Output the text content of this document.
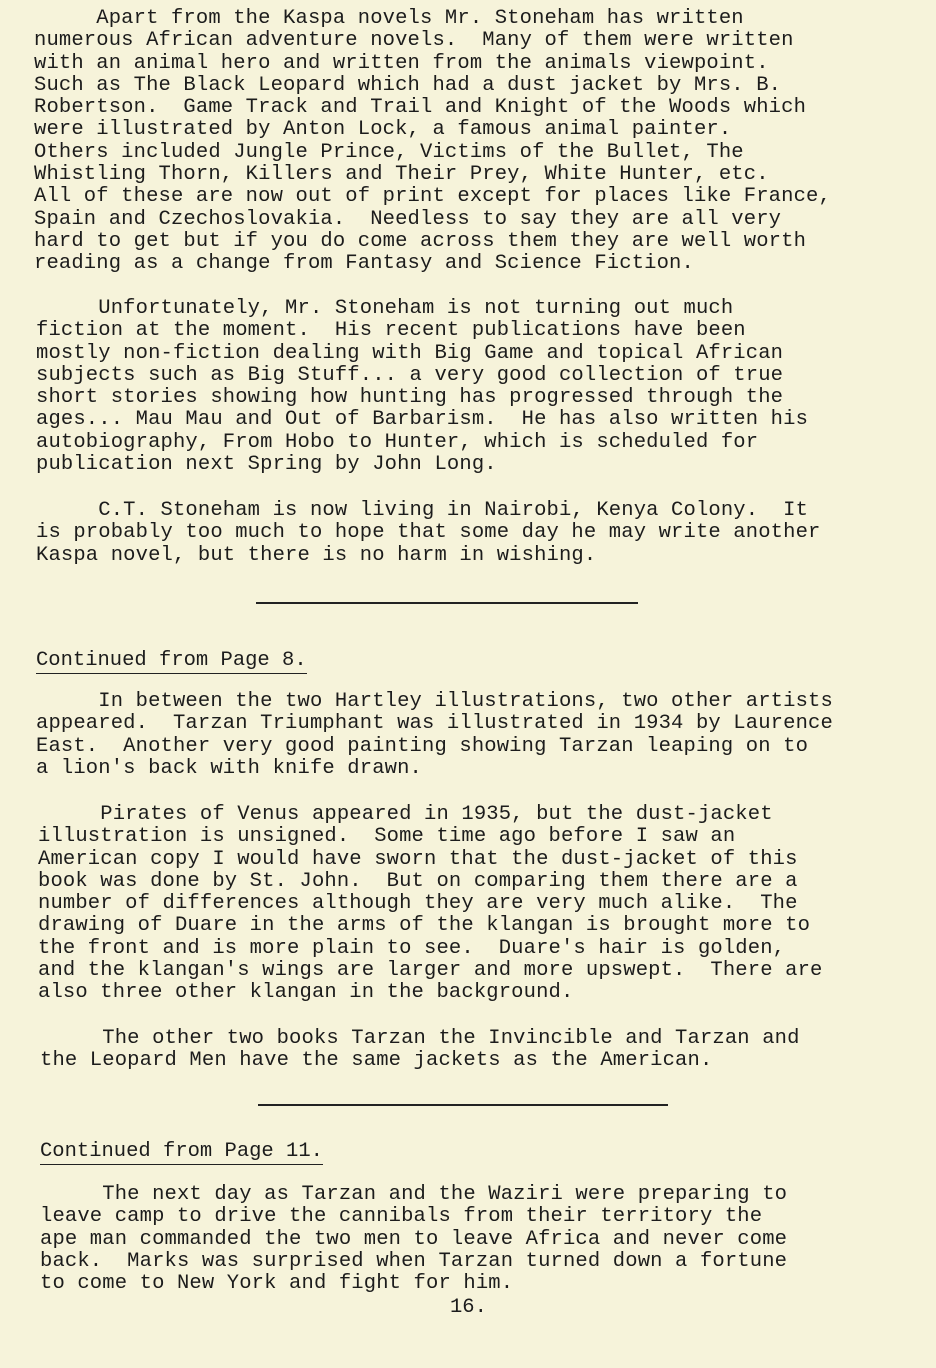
Apart from the Kaspa novels Mr. Stoneham has written
numerous African adventure novels.  Many of them were written
with an animal hero and written from the animals viewpoint.
Such as The Black Leopard which had a dust jacket by Mrs. B.
Robertson.  Game Track and Trail and Knight of the Woods which
were illustrated by Anton Lock, a famous animal painter.
Others included Jungle Prince, Victims of the Bullet, The
Whistling Thorn, Killers and Their Prey, White Hunter, etc.
All of these are now out of print except for places like France,
Spain and Czechoslovakia.  Needless to say they are all very
hard to get but if you do come across them they are well worth
reading as a change from Fantasy and Science Fiction.
Unfortunately, Mr. Stoneham is not turning out much
fiction at the moment.  His recent publications have been
mostly non-fiction dealing with Big Game and topical African
subjects such as Big Stuff... a very good collection of true
short stories showing how hunting has progressed through the
ages... Mau Mau and Out of Barbarism.  He has also written his
autobiography, From Hobo to Hunter, which is scheduled for
publication next Spring by John Long.
C.T. Stoneham is now living in Nairobi, Kenya Colony.  It
is probably too much to hope that some day he may write another
Kaspa novel, but there is no harm in wishing.
Continued from Page 8.
In between the two Hartley illustrations, two other artists
appeared.  Tarzan Triumphant was illustrated in 1934 by Laurence
East.  Another very good painting showing Tarzan leaping on to
a lion's back with knife drawn.
Pirates of Venus appeared in 1935, but the dust-jacket
illustration is unsigned.  Some time ago before I saw an
American copy I would have sworn that the dust-jacket of this
book was done by St. John.  But on comparing them there are a
number of differences although they are very much alike.  The
drawing of Duare in the arms of the klangan is brought more to
the front and is more plain to see.  Duare's hair is golden,
and the klangan's wings are larger and more upswept.  There are
also three other klangan in the background.
The other two books Tarzan the Invincible and Tarzan and
the Leopard Men have the same jackets as the American.
Continued from Page 11.
The next day as Tarzan and the Waziri were preparing to
leave camp to drive the cannibals from their territory the
ape man commanded the two men to leave Africa and never come
back.  Marks was surprised when Tarzan turned down a fortune
to come to New York and fight for him.
16.
